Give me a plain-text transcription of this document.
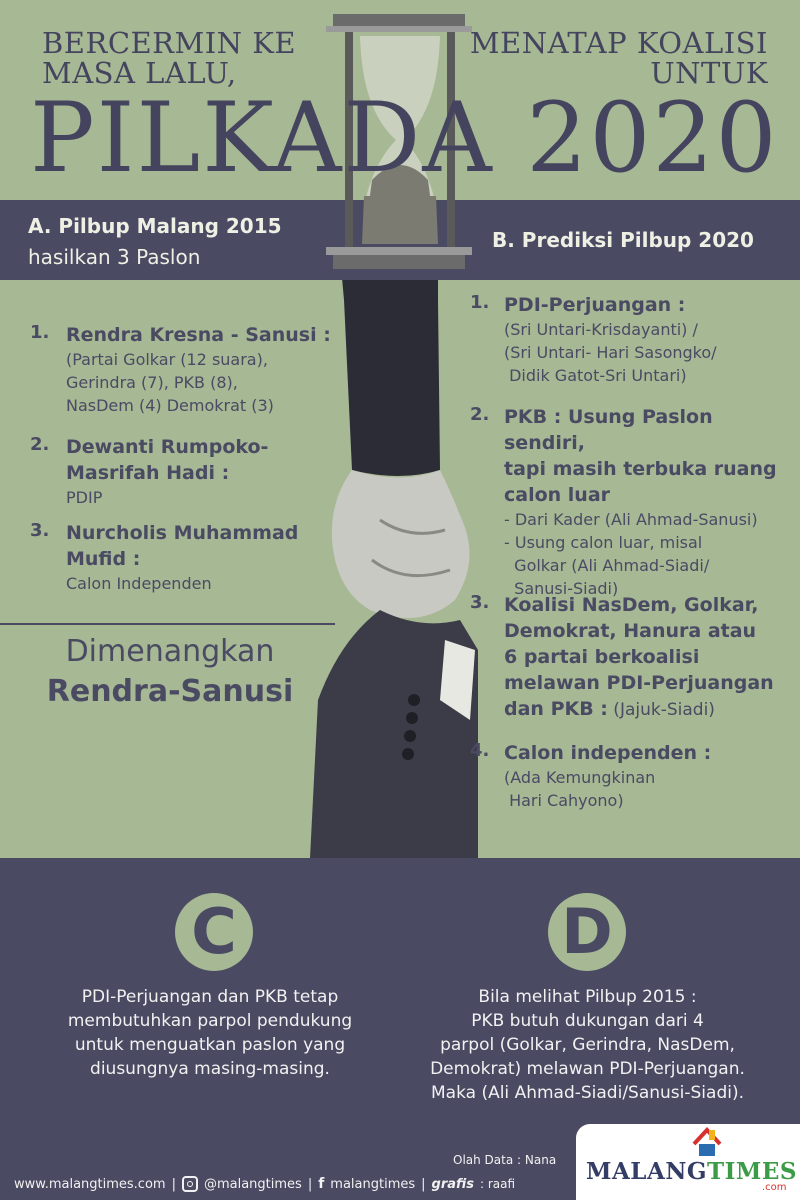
BERCERMIN KE
MASA LALU,
MENATAP KOALISI
UNTUK
PILKADA 2020
A. Pilbup Malang 2015
hasilkan 3 Paslon
B. Prediksi Pilbup 2020
1. Rendra Kresna - Sanusi :
(Partai Golkar (12 suara),
Gerindra (7), PKB (8),
NasDem (4) Demokrat (3)
2. Dewanti Rumpoko-
Masrifah Hadi :
PDIP
3. Nurcholis Muhammad
Mufid :
Calon Independen
Dimenangkan
Rendra-Sanusi
1. PDI-Perjuangan :
(Sri Untari-Krisdayanti) /
(Sri Untari- Hari Sasongko/
Didik Gatot-Sri Untari)
2. PKB : Usung Paslon sendiri,
tapi masih terbuka ruang
calon luar
- Dari Kader (Ali Ahmad-Sanusi)
- Usung calon luar, misal
Golkar (Ali Ahmad-Siadi/
Sanusi-Siadi)
3. Koalisi NasDem, Golkar,
Demokrat, Hanura atau
6 partai berkoalisi
melawan PDI-Perjuangan
dan PKB : (Jajuk-Siadi)
4. Calon independen :
(Ada Kemungkinan
Hari Cahyono)
C
PDI-Perjuangan dan PKB tetap
membutuhkan parpol pendukung
untuk menguatkan paslon yang
diusungnya masing-masing.
D
Bila melihat Pilbup 2015 :
PKB butuh dukungan dari 4
parpol (Golkar, Gerindra, NasDem,
Demokrat) melawan PDI-Perjuangan.
Maka (Ali Ahmad-Siadi/Sanusi-Siadi).
Olah Data : Nana
www.malangtimes.com | @malangtimes | f malangtimes | grafis : raafi	MALANGTIMES
.com
